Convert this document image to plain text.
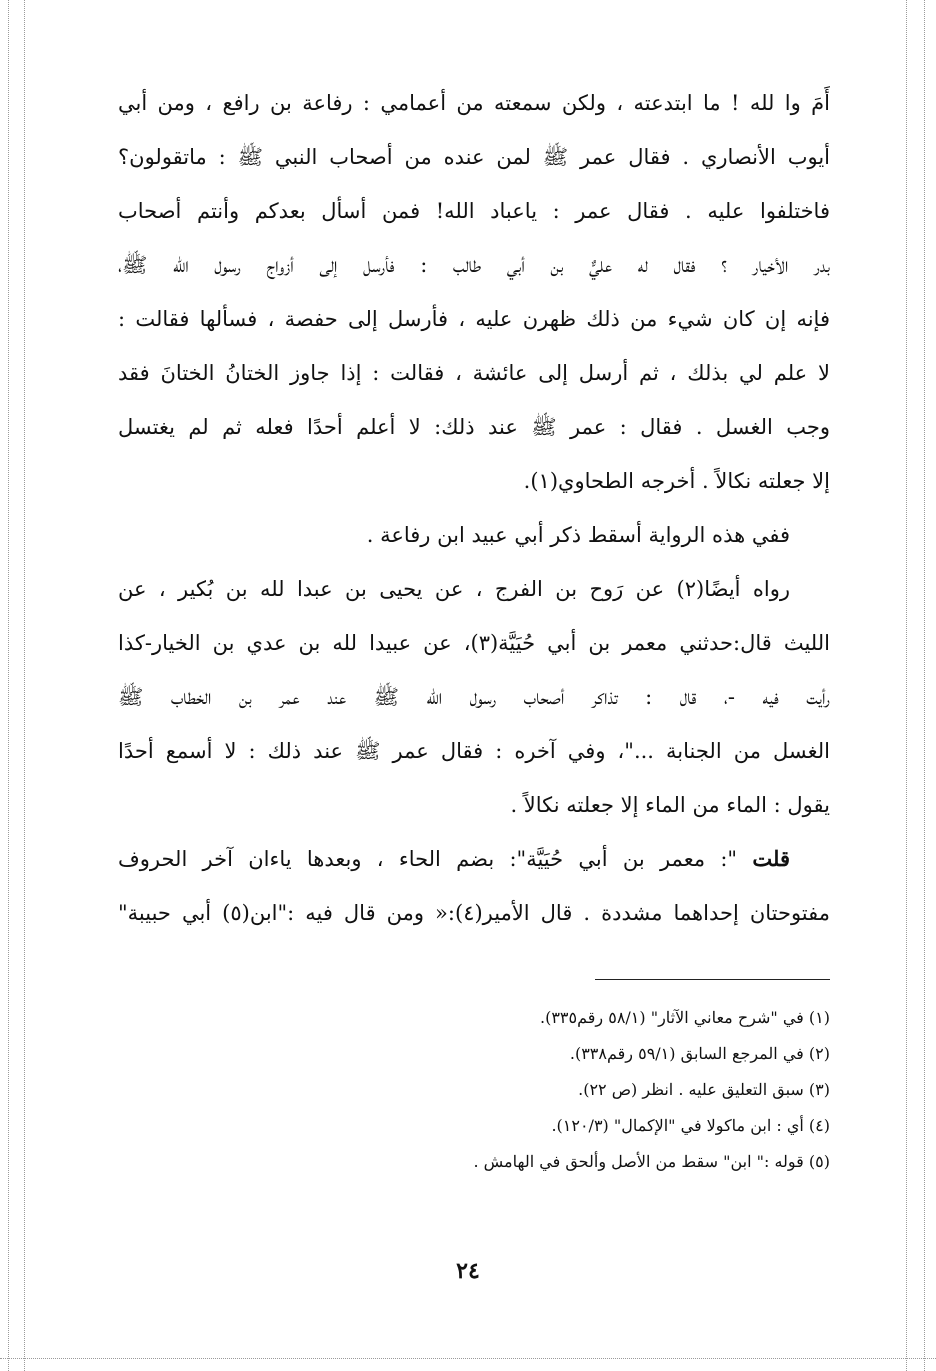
أَمَ وا لله ! ما ابتدعته ، ولكن سمعته من أعمامي : رفاعة بن رافع ، ومن أبي
أيوب الأنصاري . فقال عمر ﷺ لمن عنده من أصحاب النبي ﷺ : ماتقولون؟
فاختلفوا عليه . فقال عمر : ياعباد الله! فمن أسأل بعدكم وأنتم أصحاب
بدر الأخيار ؟ فقال له عليٌّ بن أبي طالب : فأرسل إلى أزواج رسول الله ﷺ،
فإنه إن كان شيء من ذلك ظهرن عليه ، فأرسل إلى حفصة ، فسألها فقالت :
لا علم لي بذلك ، ثم أرسل إلى عائشة ، فقالت : إذا جاوز الختانُ الختانَ فقد
وجب الغسل . فقال : عمر ﷺ عند ذلك: لا أعلم أحدًا فعله ثم لم يغتسل
إلا جعلته نكالاً . أخرجه الطحاوي(١).
ففي هذه الرواية أسقط ذكر أبي عبيد ابن رفاعة .
رواه أيضًا(٢) عن رَوح بن الفرج ، عن يحيى بن عبدا لله بن بُكير ، عن
الليث قال:حدثني معمر بن أبي حُيَيَّة(٣)، عن عبيدا لله بن عدي بن الخيار-كذا
رأيت فيه -، قال : تذاكر أصحاب رسول الله ﷺ عند عمر بن الخطاب ﷺ
الغسل من الجنابة ..."، وفي آخره : فقال عمر ﷺ عند ذلك : لا أسمع أحدًا
يقول : الماء من الماء إلا جعلته نكالاً .
قلت ": معمر بن أبي حُيَيَّة": بضم الحاء ، وبعدها ياءان آخر الحروف
مفتوحتان إحداهما مشددة . قال الأمير(٤):« ومن قال فيه :"ابن(٥) أبي حبيبة"
(١) في "شرح معاني الآثار" (٥٨/١ رقم٣٣٥).
(٢) في المرجع السابق (٥٩/١ رقم٣٣٨).
(٣) سبق التعليق عليه . انظر (ص ٢٢).
(٤) أي : ابن ماكولا في "الإكمال" (١٢٠/٣).
(٥) قوله :" ابن" سقط من الأصل وألحق في الهامش .
٢٤
